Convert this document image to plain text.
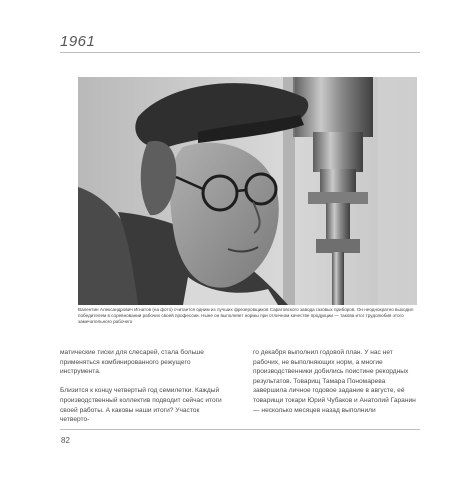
1961
Валентин Александрович Игнатов (на фото) считается одним из лучших фрезеровщиков Саратовского завода газовых приборов. Он неоднократно выходил победителем в соревновании рабочих своей профессии. Ныне он выполняет нормы при отличном качестве продукции — такова итог трудолюбия этого замечательного рабочего

матические тиски для слесарей, стала больше применяться комбинированного режущего инструмента.

Близится к концу четвертый год семилетки. Каждый производственный коллектив подводит сейчас итоги своей работы. А каковы наши итоги? Участок четверто-

го декабря выполнил годовой план. У нас нет рабочих, не выполняющих норм, а многие производственники добились поистине рекордных результатов. Товарищ Тамара Пономарева завершила личное годовое задание в августе, её товарищи токари Юрий Чубаков и Анатолий Гаранин — несколько месяцев назад выполнили

82
